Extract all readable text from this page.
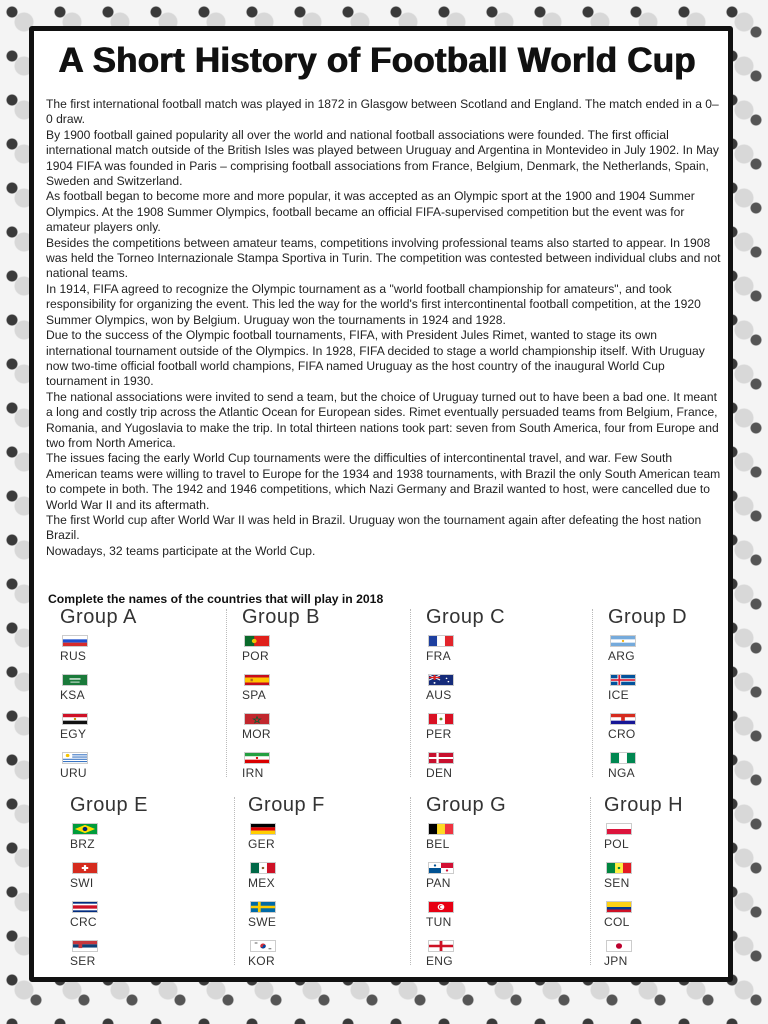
A Short History of Football World Cup

The first international football match was played in 1872 in Glasgow between Scotland and England. The match ended in a 0–0 draw.

By 1900 football gained popularity all over the world and national football associations were founded. The first official international match outside of the British Isles was played between Uruguay and Argentina in Montevideo in July 1902. In May 1904 FIFA was founded in Paris – comprising football associations from France, Belgium, Denmark, the Netherlands, Spain, Sweden and Switzerland.

As football began to become more and more popular, it was accepted as an Olympic sport at the 1900 and 1904 Summer Olympics. At the 1908 Summer Olympics, football became an official FIFA-supervised competition but the event was for amateur players only.

Besides the competitions between amateur teams, competitions involving professional teams also started to appear. In 1908 was held the Torneo Internazionale Stampa Sportiva in Turin. The competition was contested between individual clubs and not national teams.

In 1914, FIFA agreed to recognize the Olympic tournament as a "world football championship for amateurs", and took responsibility for organizing the event. This led the way for the world's first intercontinental football competition, at the 1920 Summer Olympics, won by Belgium. Uruguay won the tournaments in 1924 and 1928.

Due to the success of the Olympic football tournaments, FIFA, with President Jules Rimet, wanted to stage its own international tournament outside of the Olympics. In 1928, FIFA decided to stage a world championship itself. With Uruguay now two-time official football world champions, FIFA named Uruguay as the host country of the inaugural World Cup tournament in 1930.

The national associations were invited to send a team, but the choice of Uruguay turned out to have been a bad one. It meant a long and costly trip across the Atlantic Ocean for European sides. Rimet eventually persuaded teams from Belgium, France, Romania, and Yugoslavia to make the trip. In total thirteen nations took part: seven from South America, four from Europe and two from North America.

The issues facing the early World Cup tournaments were the difficulties of intercontinental travel, and war. Few South American teams were willing to travel to Europe for the 1934 and 1938 tournaments, with Brazil the only South American team to compete in both. The 1942 and 1946 competitions, which Nazi Germany and Brazil wanted to host, were cancelled due to World War II and its aftermath.

The first World cup after World War II was held in Brazil. Uruguay won the tournament again after defeating the host nation Brazil.

Nowadays, 32 teams participate at the World Cup.

Complete the names of the countries that will play in 2018

Group A
RUS
KSA
EGY
URU
Group B
POR
SPA
MOR
IRN
Group C
FRA
AUS
PER
DEN
Group D
ARG
ICE
CRO
NGA
Group E
BRZ
SWI
CRC
SER
Group F
GER
MEX
SWE
KOR
Group G
BEL
PAN
TUN
ENG
Group H
POL
SEN
COL
JPN
